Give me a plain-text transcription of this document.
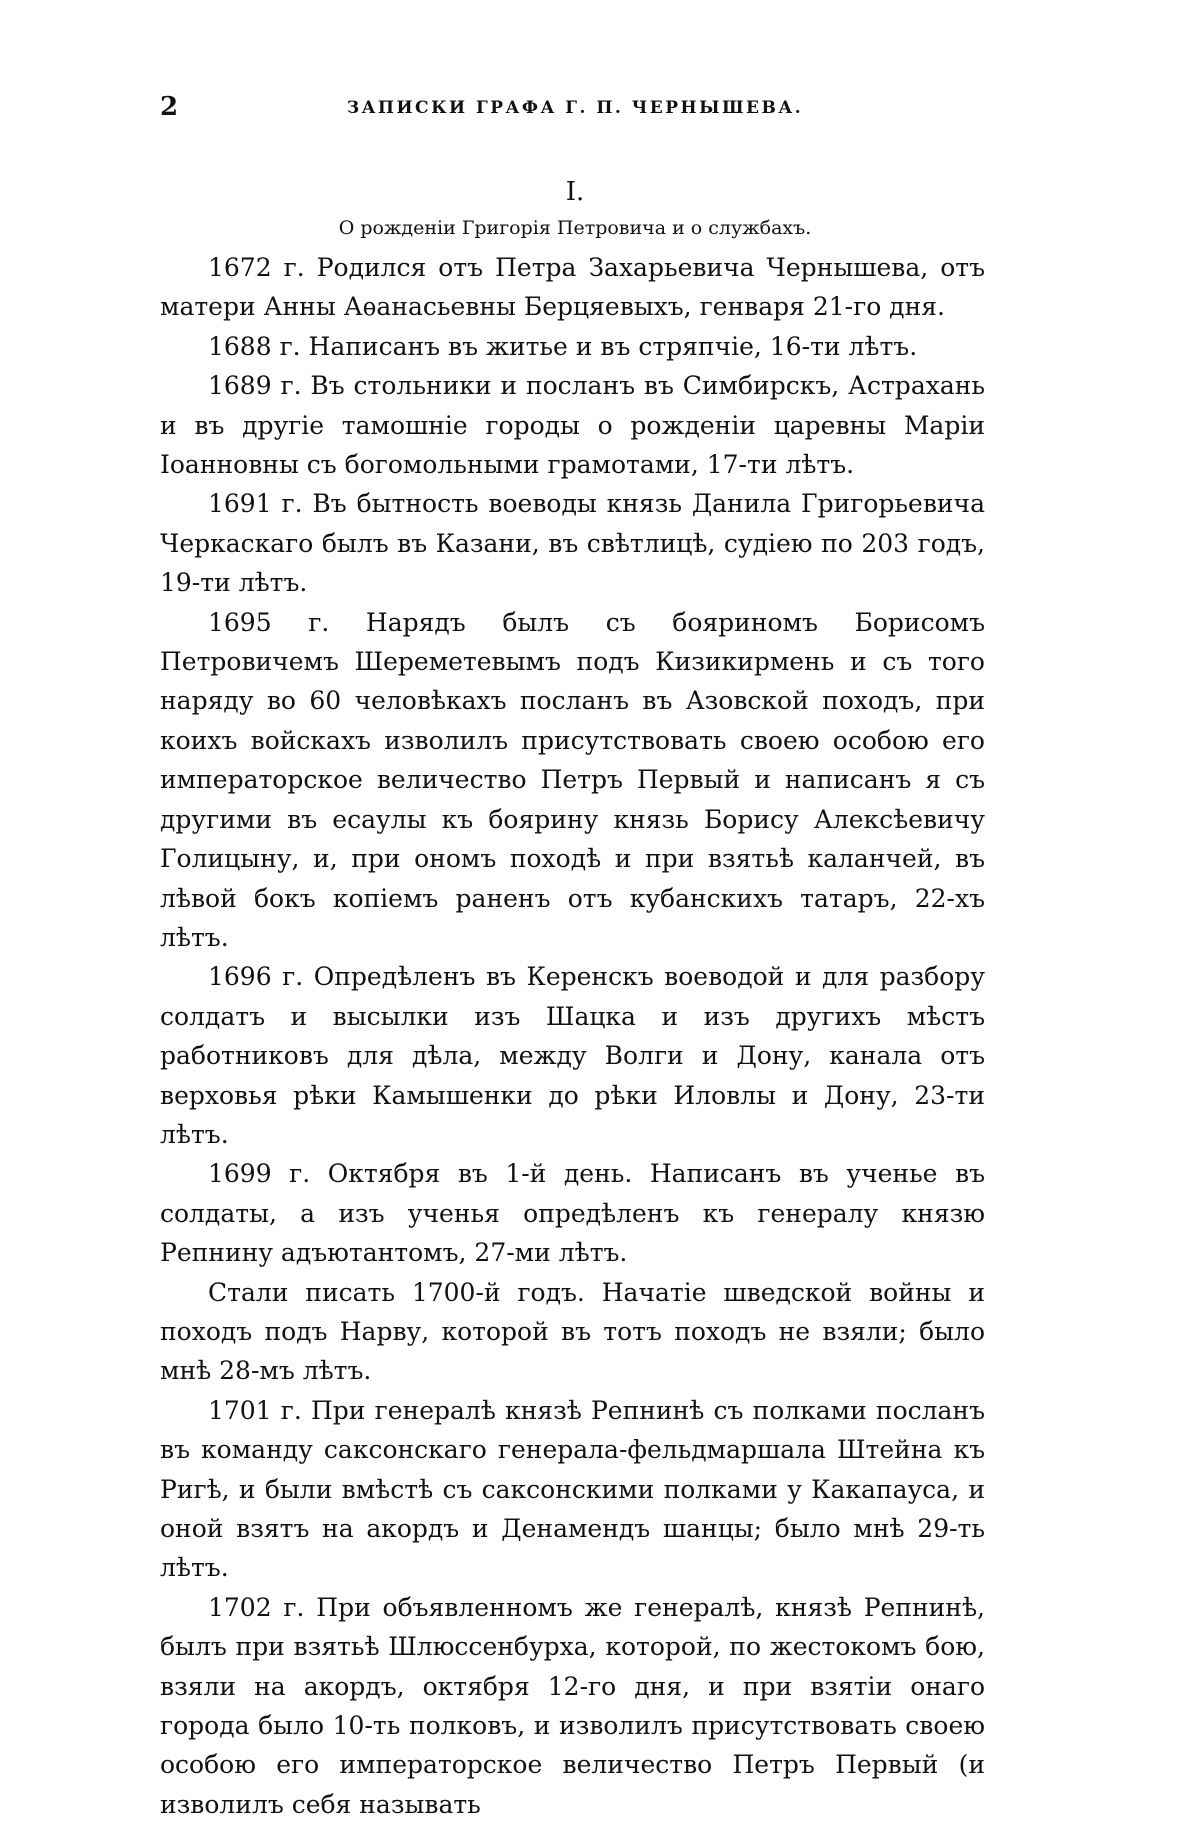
2	ЗАПИСКИ ГРАФА Г. П. ЧЕРНЫШЕВА.
I.
О рожденіи Григорія Петровича и о службахъ.

1672 г. Родился отъ Петра Захарьевича Чернышева, отъ матери Анны Аѳанасьевны Берцяевыхъ, генваря 21-го дня.

1688 г. Написанъ въ житье и въ стряпчіе, 16-ти лѣтъ.

1689 г. Въ стольники и посланъ въ Симбирскъ, Астрахань и въ другіе тамошніе городы о рожденіи царевны Маріи Іоанновны съ богомольными грамотами, 17-ти лѣтъ.

1691 г. Въ бытность воеводы князь Данила Григорьевича Черкаскаго былъ въ Казани, въ свѣтлицѣ, судіею по 203 годъ, 19-ти лѣтъ.

1695 г. Нарядъ былъ съ бояриномъ Борисомъ Петровичемъ Шереметевымъ подъ Кизикирмень и съ того наряду во 60 человѣкахъ посланъ въ Азовской походъ, при коихъ войскахъ изволилъ присутствовать своею особою его императорское величество Петръ Первый и написанъ я съ другими въ есаулы къ боярину князь Борису Алексѣевичу Голицыну, и, при ономъ походѣ и при взятьѣ каланчей, въ лѣвой бокъ копіемъ раненъ отъ кубанскихъ татаръ, 22-хъ лѣтъ.

1696 г. Опредѣленъ въ Керенскъ воеводой и для разбору солдатъ и высылки изъ Шацка и изъ другихъ мѣстъ работниковъ для дѣла, между Волги и Дону, канала отъ верховья рѣки Камышенки до рѣки Иловлы и Дону, 23-ти лѣтъ.

1699 г. Октября въ 1-й день. Написанъ въ ученье въ солдаты, а изъ ученья опредѣленъ къ генералу князю Репнину адъютантомъ, 27-ми лѣтъ.

Стали писать 1700-й годъ. Начатіе шведской войны и походъ подъ Нарву, которой въ тотъ походъ не взяли; было мнѣ 28-мъ лѣтъ.

1701 г. При генералѣ князѣ Репнинѣ съ полками посланъ въ команду саксонскаго генерала-фельдмаршала Штейна къ Ригѣ, и были вмѣстѣ съ саксонскими полками у Какапауса, и оной взятъ на акордъ и Денамендъ шанцы; было мнѣ 29-ть лѣтъ.

1702 г. При объявленномъ же генералѣ, князѣ Репнинѣ, былъ при взятьѣ Шлюссенбурха, которой, по жестокомъ бою, взяли на акордъ, октября 12-го дня, и при взятіи онаго города было 10-ть полковъ, и изволилъ присутствовать своею особою его императорское величество Петръ Первый (и изволилъ себя называть
